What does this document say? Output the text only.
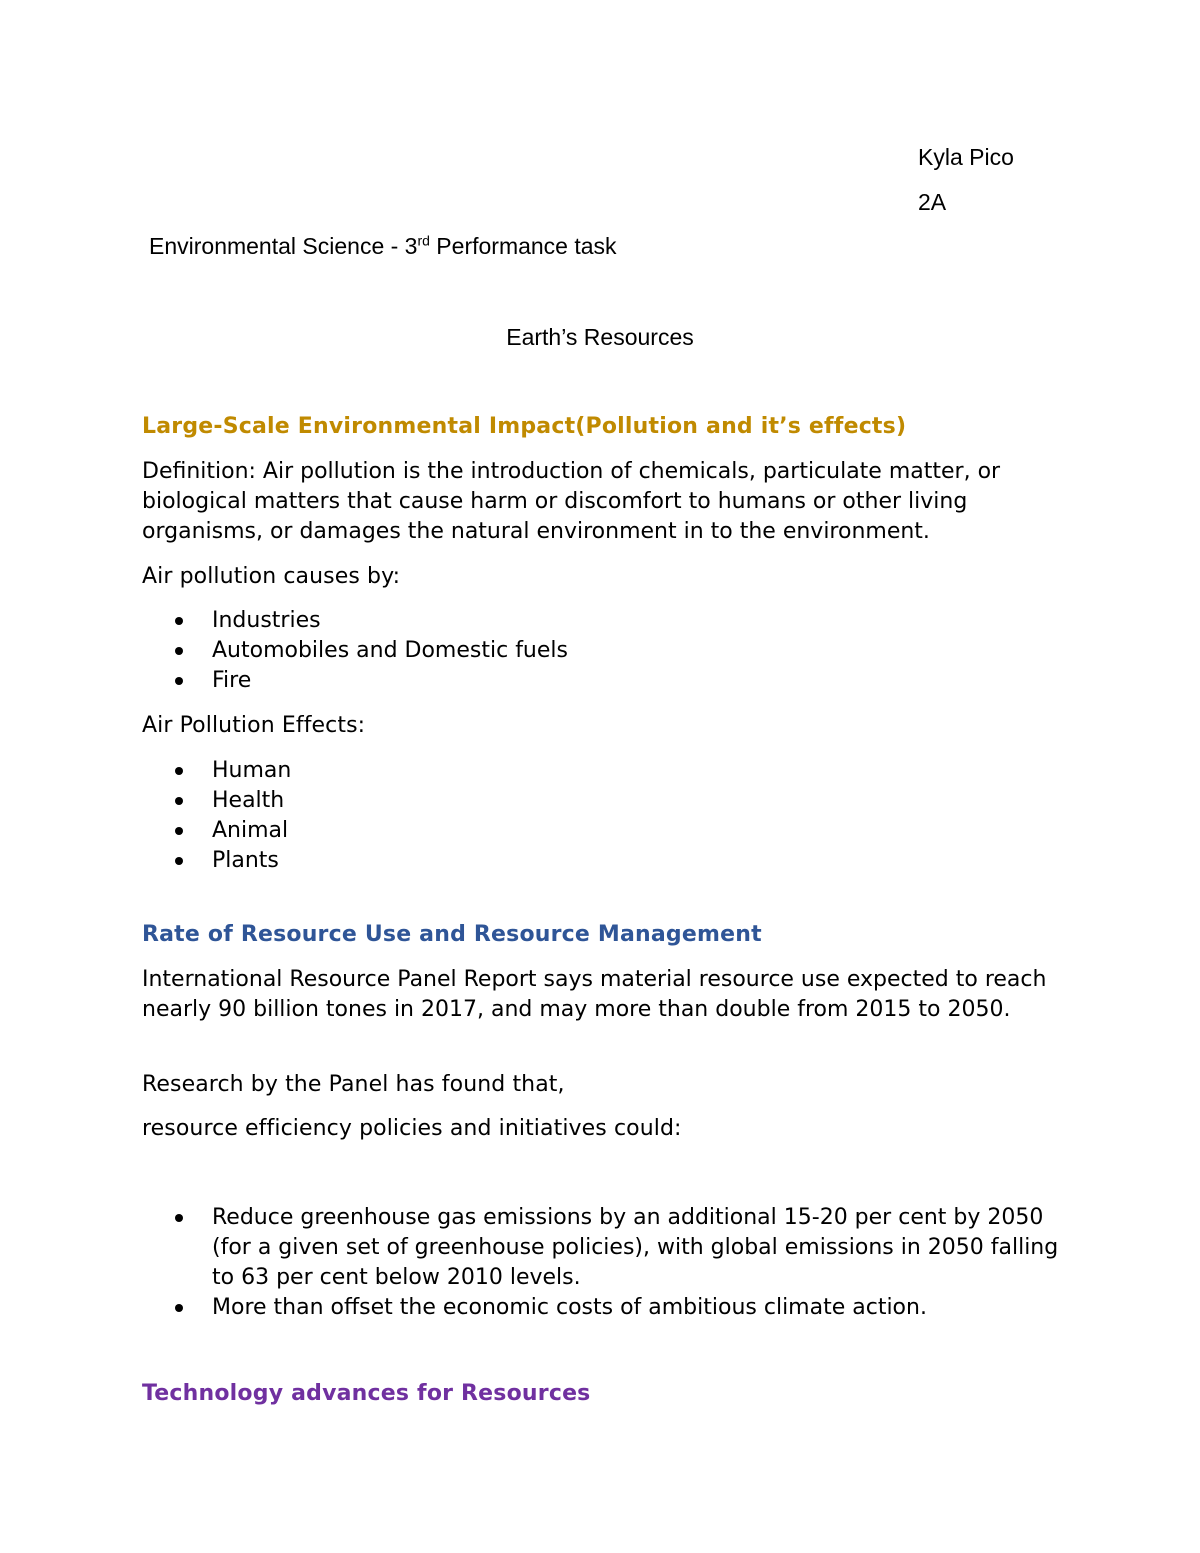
Kyla Pico

2A

Environmental Science - 3rd Performance task

Earth’s Resources

Large-Scale Environmental Impact(Pollution and it’s effects)

Definition: Air pollution is the introduction of chemicals, particulate matter, or biological matters that cause harm or discomfort to humans or other living organisms, or damages the natural environment in to the environment.

Air pollution causes by:

Industries
Automobiles and Domestic fuels
Fire

Air Pollution Effects:

Human
Health
Animal
Plants

Rate of Resource Use and Resource Management

International Resource Panel Report says material resource use expected to reach nearly 90 billion tones in 2017, and may more than double from 2015 to 2050.

Research by the Panel has found that,

resource efficiency policies and initiatives could:

Reduce greenhouse gas emissions by an additional 15-20 per cent by 2050 (for a given set of greenhouse policies), with global emissions in 2050 falling to 63 per cent below 2010 levels.
More than offset the economic costs of ambitious climate action.

Technology advances for Resources
